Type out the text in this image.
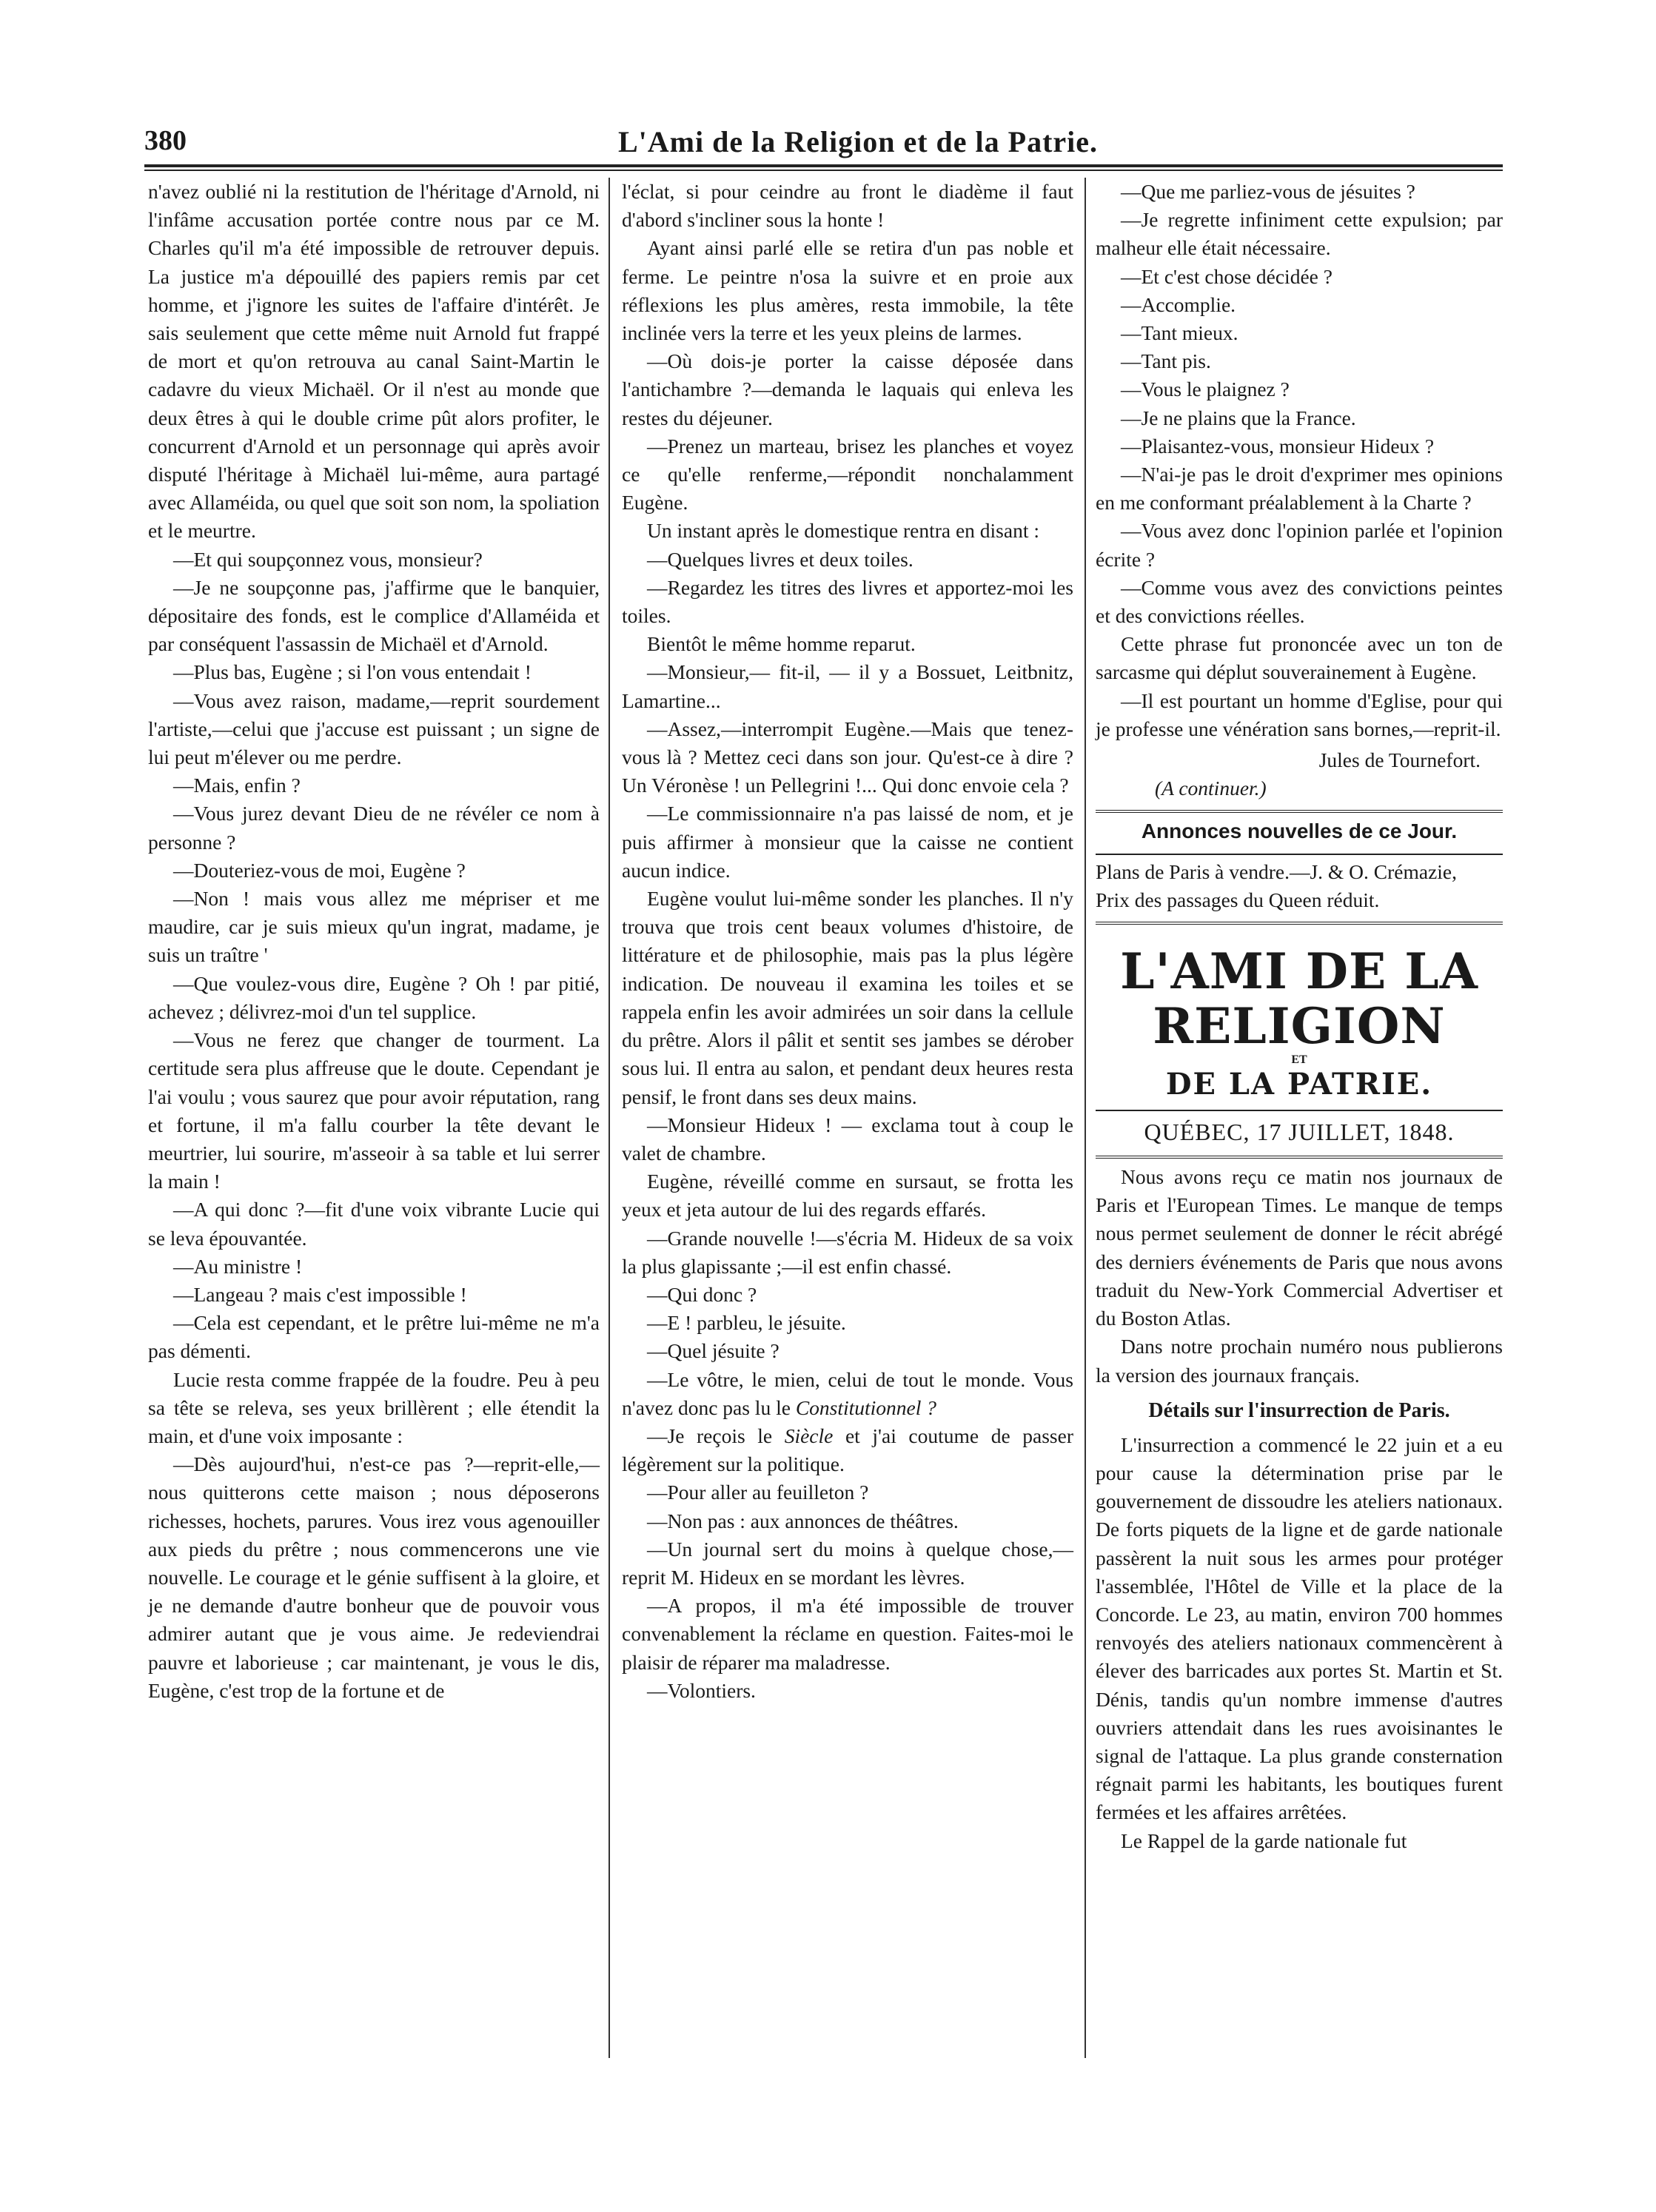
380	L'Ami de la Religion et de la Patrie.

n'avez oublié ni la restitution de l'héritage d'Arnold, ni l'infâme accusation portée contre nous par ce M. Charles qu'il m'a été impossible de retrouver depuis. La justice m'a dépouillé des papiers remis par cet homme, et j'ignore les suites de l'affaire d'intérêt. Je sais seulement que cette même nuit Arnold fut frappé de mort et qu'on retrouva au canal Saint-Martin le cadavre du vieux Michaël. Or il n'est au monde que deux êtres à qui le double crime pût alors profiter, le concurrent d'Arnold et un personnage qui après avoir disputé l'héritage à Michaël lui-même, aura partagé avec Allaméida, ou quel que soit son nom, la spoliation et le meurtre.

—Et qui soupçonnez vous, monsieur?

—Je ne soupçonne pas, j'affirme que le banquier, dépositaire des fonds, est le complice d'Allaméida et par conséquent l'assassin de Michaël et d'Arnold.

—Plus bas, Eugène ; si l'on vous entendait !

—Vous avez raison, madame,—reprit sourdement l'artiste,—celui que j'accuse est puissant ; un signe de lui peut m'élever ou me perdre.

—Mais, enfin ?

—Vous jurez devant Dieu de ne révéler ce nom à personne ?

—Douteriez-vous de moi, Eugène ?

—Non ! mais vous allez me mépriser et me maudire, car je suis mieux qu'un ingrat, madame, je suis un traître '

—Que voulez-vous dire, Eugène ? Oh ! par pitié, achevez ; délivrez-moi d'un tel supplice.

—Vous ne ferez que changer de tourment. La certitude sera plus affreuse que le doute. Cependant je l'ai voulu ; vous saurez que pour avoir réputation, rang et fortune, il m'a fallu courber la tête devant le meurtrier, lui sourire, m'asseoir à sa table et lui serrer la main !

—A qui donc ?—fit d'une voix vibrante Lucie qui se leva épouvantée.

—Au ministre !

—Langeau ? mais c'est impossible !

—Cela est cependant, et le prêtre lui-même ne m'a pas démenti.

Lucie resta comme frappée de la foudre. Peu à peu sa tête se releva, ses yeux brillèrent ; elle étendit la main, et d'une voix imposante :

—Dès aujourd'hui, n'est-ce pas ?—reprit-elle,—nous quitterons cette maison ; nous déposerons richesses, hochets, parures. Vous irez vous agenouiller aux pieds du prêtre ; nous commencerons une vie nouvelle. Le courage et le génie suffisent à la gloire, et je ne demande d'autre bonheur que de pouvoir vous admirer autant que je vous aime. Je redeviendrai pauvre et laborieuse ; car maintenant, je vous le dis, Eugène, c'est trop de la fortune et de

l'éclat, si pour ceindre au front le diadème il faut d'abord s'incliner sous la honte !

Ayant ainsi parlé elle se retira d'un pas noble et ferme. Le peintre n'osa la suivre et en proie aux réflexions les plus amères, resta immobile, la tête inclinée vers la terre et les yeux pleins de larmes.

—Où dois-je porter la caisse déposée dans l'antichambre ?—demanda le laquais qui enleva les restes du déjeuner.

—Prenez un marteau, brisez les planches et voyez ce qu'elle renferme,—répondit nonchalamment Eugène.

Un instant après le domestique rentra en disant :

—Quelques livres et deux toiles.

—Regardez les titres des livres et apportez-moi les toiles.

Bientôt le même homme reparut.

—Monsieur,— fit-il, — il y a Bossuet, Leitbnitz, Lamartine...

—Assez,—interrompit Eugène.—Mais que tenez-vous là ? Mettez ceci dans son jour. Qu'est-ce à dire ? Un Véronèse ! un Pellegrini !... Qui donc envoie cela ?

—Le commissionnaire n'a pas laissé de nom, et je puis affirmer à monsieur que la caisse ne contient aucun indice.

Eugène voulut lui-même sonder les planches. Il n'y trouva que trois cent beaux volumes d'histoire, de littérature et de philosophie, mais pas la plus légère indication. De nouveau il examina les toiles et se rappela enfin les avoir admirées un soir dans la cellule du prêtre. Alors il pâlit et sentit ses jambes se dérober sous lui. Il entra au salon, et pendant deux heures resta pensif, le front dans ses deux mains.

—Monsieur Hideux ! — exclama tout à coup le valet de chambre.

Eugène, réveillé comme en sursaut, se frotta les yeux et jeta autour de lui des regards effarés.

—Grande nouvelle !—s'écria M. Hideux de sa voix la plus glapissante ;—il est enfin chassé.

—Qui donc ?

—E ! parbleu, le jésuite.

—Quel jésuite ?

—Le vôtre, le mien, celui de tout le monde. Vous n'avez donc pas lu le Constitutionnel ?

—Je reçois le Siècle et j'ai coutume de passer légèrement sur la politique.

—Pour aller au feuilleton ?

—Non pas : aux annonces de théâtres.

—Un journal sert du moins à quelque chose,—reprit M. Hideux en se mordant les lèvres.

—A propos, il m'a été impossible de trouver convenablement la réclame en question. Faites-moi le plaisir de réparer ma maladresse.

—Volontiers.

—Que me parliez-vous de jésuites ?

—Je regrette infiniment cette expulsion; par malheur elle était nécessaire.

—Et c'est chose décidée ?

—Accomplie.

—Tant mieux.

—Tant pis.

—Vous le plaignez ?

—Je ne plains que la France.

—Plaisantez-vous, monsieur Hideux ?

—N'ai-je pas le droit d'exprimer mes opinions en me conformant préalablement à la Charte ?

—Vous avez donc l'opinion parlée et l'opinion écrite ?

—Comme vous avez des convictions peintes et des convictions réelles.

Cette phrase fut prononcée avec un ton de sarcasme qui déplut souverainement à Eugène.

—Il est pourtant un homme d'Eglise, pour qui je professe une vénération sans bornes,—reprit-il.

Jules de Tournefort.
(A continuer.)
Annonces nouvelles de ce Jour.

Plans de Paris à vendre.—J. & O. Crémazie,

Prix des passages du Queen réduit.

L'AMI DE LA RELIGION
ET
DE LA PATRIE.
QUÉBEC, 17 JUILLET, 1848.

Nous avons reçu ce matin nos journaux de Paris et l'European Times. Le manque de temps nous permet seulement de donner le récit abrégé des derniers événements de Paris que nous avons traduit du New-York Commercial Advertiser et du Boston Atlas.

Dans notre prochain numéro nous publierons la version des journaux français.

Détails sur l'insurrection de Paris.

L'insurrection a commencé le 22 juin et a eu pour cause la détermination prise par le gouvernement de dissoudre les ateliers nationaux. De forts piquets de la ligne et de garde nationale passèrent la nuit sous les armes pour protéger l'assemblée, l'Hôtel de Ville et la place de la Concorde. Le 23, au matin, environ 700 hommes renvoyés des ateliers nationaux commencèrent à élever des barricades aux portes St. Martin et St. Dénis, tandis qu'un nombre immense d'autres ouvriers attendait dans les rues avoisinantes le signal de l'attaque. La plus grande consternation régnait parmi les habitants, les boutiques furent fermées et les affaires arrêtées.

Le Rappel de la garde nationale fut
